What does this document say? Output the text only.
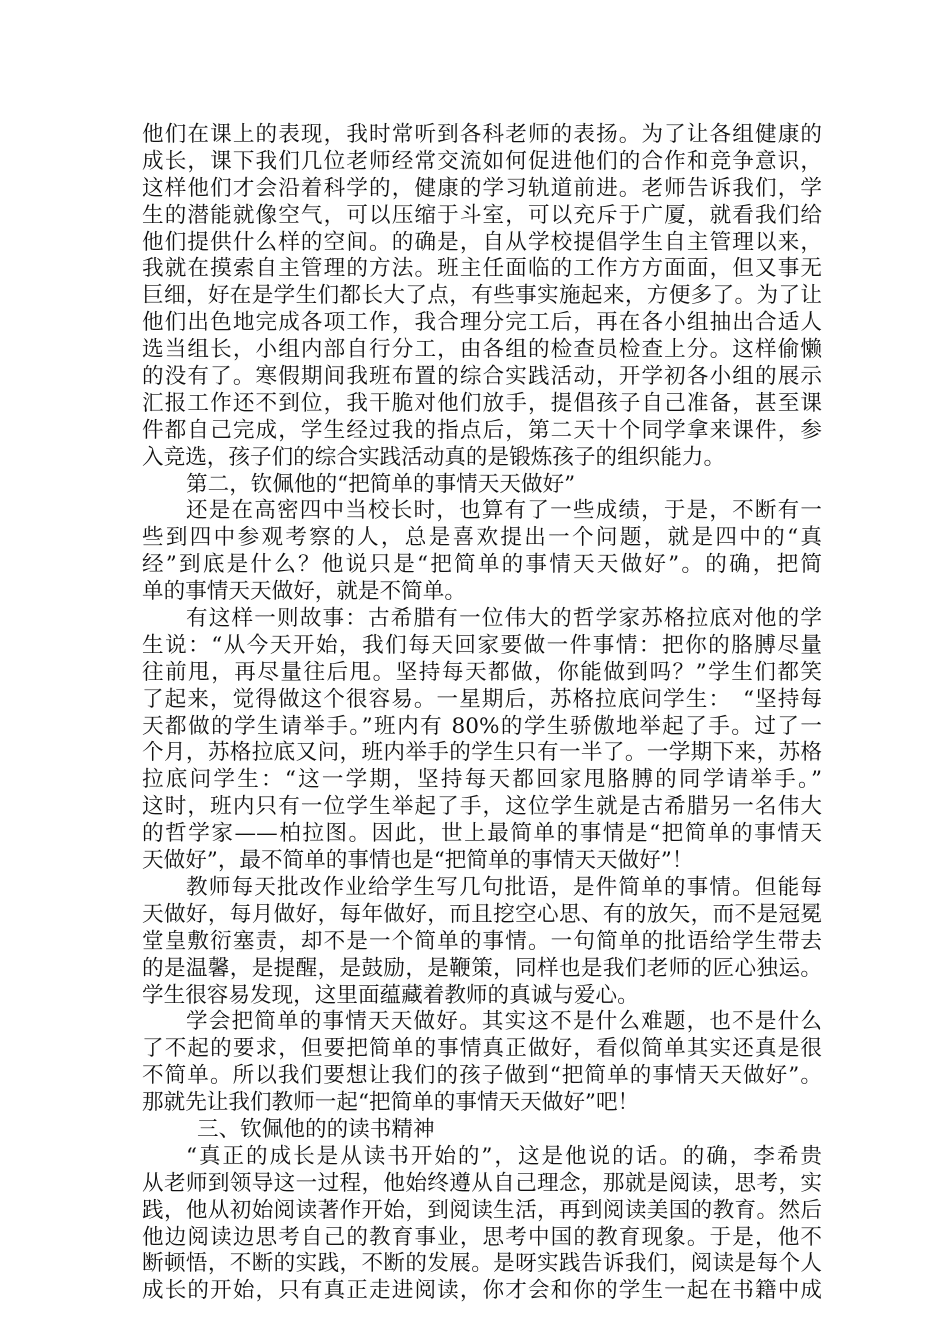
他们在课上的表现，我时常听到各科老师的表扬。为了让各组健康的
成长，课下我们几位老师经常交流如何促进他们的合作和竞争意识，
这样他们才会沿着科学的，健康的学习轨道前进。老师告诉我们，学
生的潜能就像空气，可以压缩于斗室，可以充斥于广厦，就看我们给
他们提供什么样的空间。的确是，自从学校提倡学生自主管理以来，
我就在摸索自主管理的方法。班主任面临的工作方方面面，但又事无
巨细，好在是学生们都长大了点，有些事实施起来，方便多了。为了让
他们出色地完成各项工作，我合理分完工后，再在各小组抽出合适人
选当组长，小组内部自行分工，由各组的检查员检查上分。这样偷懒
的没有了。寒假期间我班布置的综合实践活动，开学初各小组的展示
汇报工作还不到位，我干脆对他们放手，提倡孩子自己准备，甚至课
件都自己完成，学生经过我的指点后，第二天十个同学拿来课件，参
入竞选，孩子们的综合实践活动真的是锻炼孩子的组织能力。
第二，钦佩他的“把简单的事情天天做好”
还是在高密四中当校长时，也算有了一些成绩，于是，不断有一
些到四中参观考察的人，总是喜欢提出一个问题，就是四中的“真
经”到底是什么？他说只是“把简单的事情天天做好”。的确，把简
单的事情天天做好，就是不简单。
有这样一则故事：古希腊有一位伟大的哲学家苏格拉底对他的学
生说：“从今天开始，我们每天回家要做一件事情：把你的胳膊尽量
往前甩，再尽量往后甩。坚持每天都做，你能做到吗？”学生们都笑
了起来，觉得做这个很容易。一星期后，苏格拉底问学生：　“坚持每
天都做的学生请举手。”班内有 80%的学生骄傲地举起了手。过了一
个月，苏格拉底又问，班内举手的学生只有一半了。一学期下来，苏格
拉底问学生：“这一学期，坚持每天都回家甩胳膊的同学请举手。”
这时，班内只有一位学生举起了手，这位学生就是古希腊另一名伟大
的哲学家——柏拉图。因此，世上最简单的事情是“把简单的事情天
天做好”，最不简单的事情也是“把简单的事情天天做好”！
教师每天批改作业给学生写几句批语，是件简单的事情。但能每
天做好，每月做好，每年做好，而且挖空心思、有的放矢，而不是冠冕
堂皇敷衍塞责，却不是一个简单的事情。一句简单的批语给学生带去
的是温馨，是提醒，是鼓励，是鞭策，同样也是我们老师的匠心独运。
学生很容易发现，这里面蕴藏着教师的真诚与爱心。
学会把简单的事情天天做好。其实这不是什么难题，也不是什么
了不起的要求，但要把简单的事情真正做好，看似简单其实还真是很
不简单。所以我们要想让我们的孩子做到“把简单的事情天天做好”。
那就先让我们教师一起“把简单的事情天天做好”吧！
三、钦佩他的的读书精神
“真正的成长是从读书开始的”，这是他说的话。的确，李希贵
从老师到领导这一过程，他始终遵从自己理念，那就是阅读，思考，实
践，他从初始阅读著作开始，到阅读生活，再到阅读美国的教育。然后
他边阅读边思考自己的教育事业，思考中国的教育现象。于是，他不
断顿悟，不断的实践，不断的发展。是呀实践告诉我们，阅读是每个人
成长的开始，只有真正走进阅读，你才会和你的学生一起在书籍中成
